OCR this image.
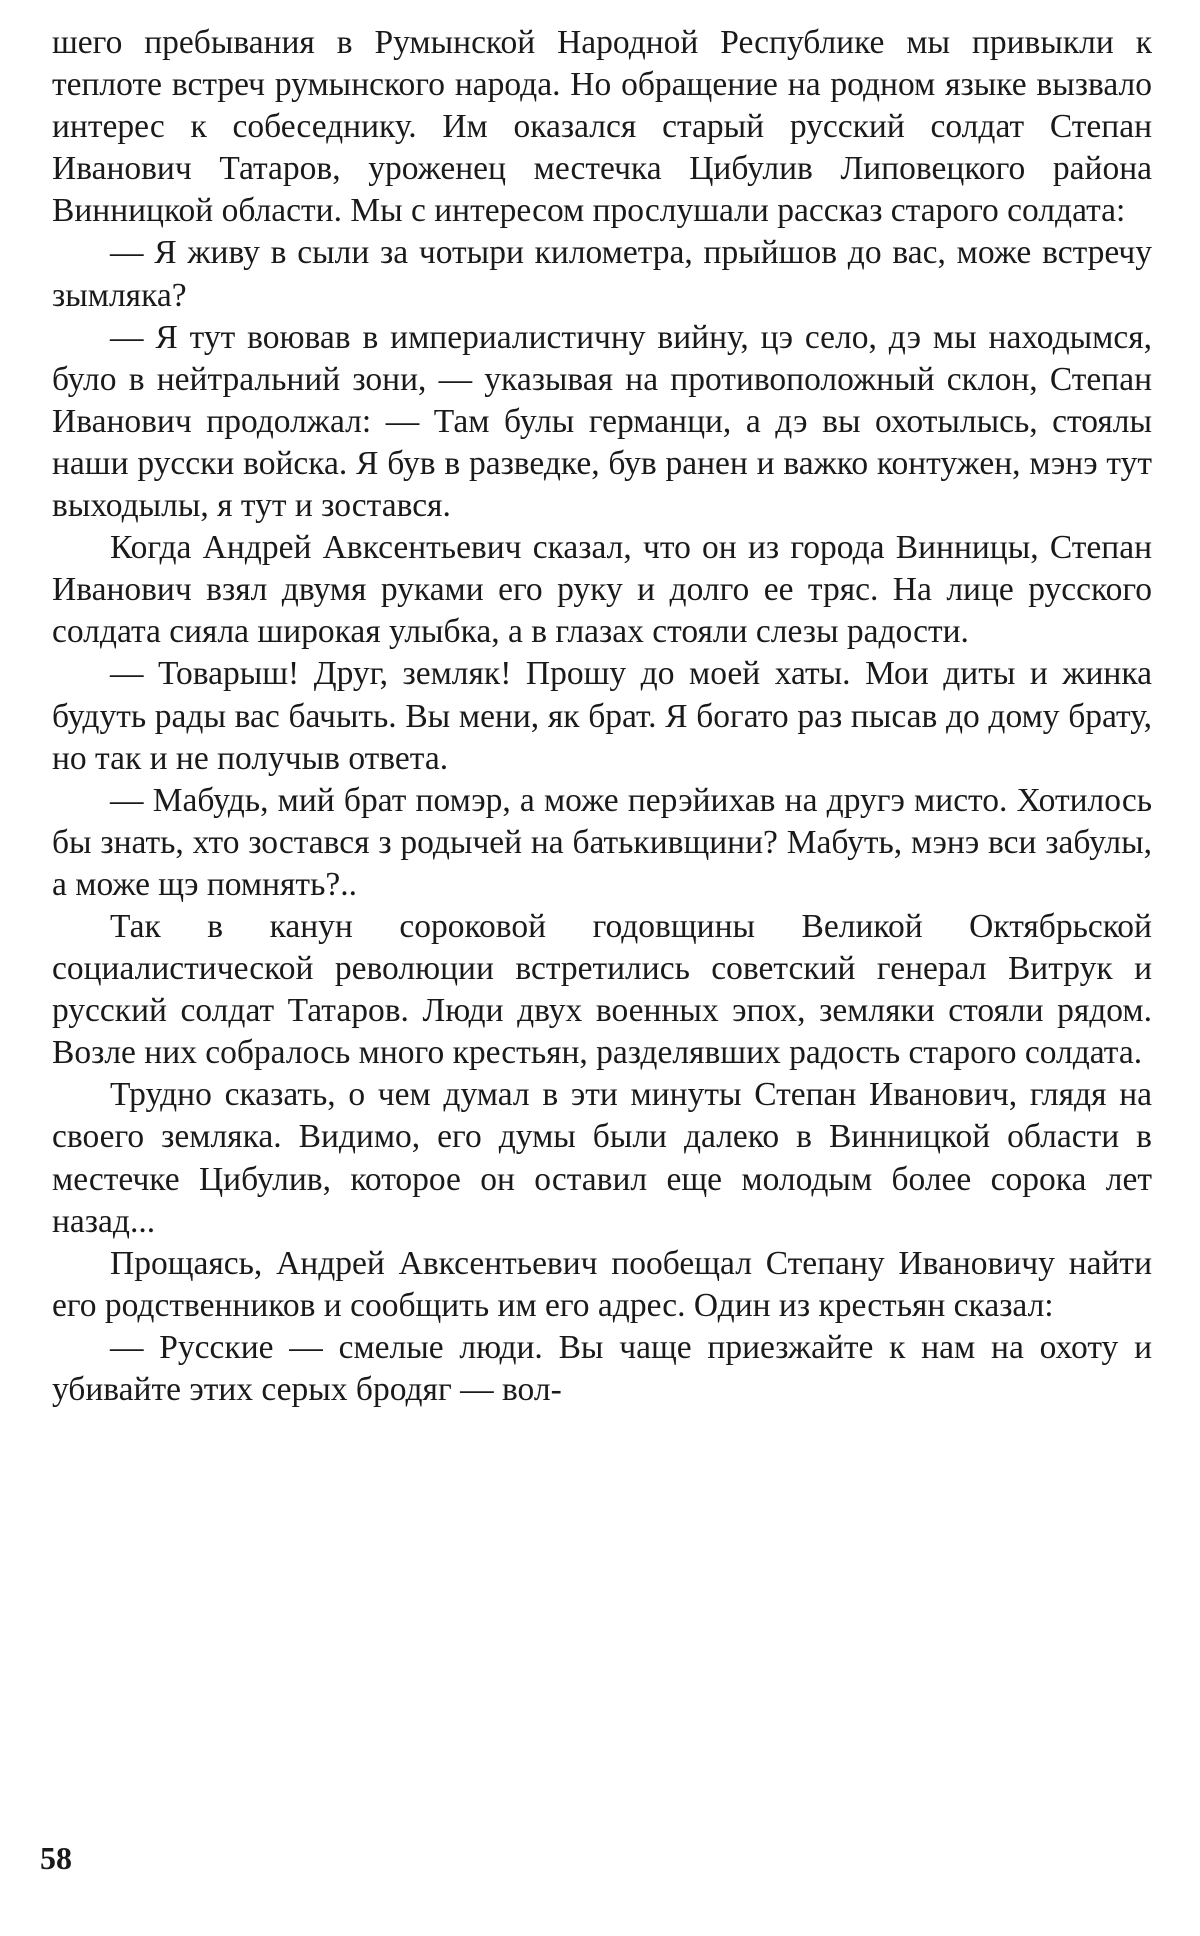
шего пребывания в Румынской Народной Республике мы привыкли к теплоте встреч румынского народа. Но обращение на родном языке вызвало интерес к собеседнику. Им оказался старый русский солдат Степан Иванович Татаров, уроженец местечка Цибулив Липовецкого района Винницкой области. Мы с интересом прослушали рассказ старого солдата:

— Я живу в сыли за чотыри километра, прыйшов до вас, може встречу зымляка?

— Я тут воював в империалистичну вийну, цэ село, дэ мы находымся, було в нейтральний зони, — указывая на противоположный склон, Степан Иванович продолжал: — Там булы германци, а дэ вы охотылысь, стоялы наши русски войска. Я був в разведке, був ранен и важко контужен, мэнэ тут выходылы, я тут и зостався.

Когда Андрей Авксентьевич сказал, что он из города Винницы, Степан Иванович взял двумя руками его руку и долго ее тряс. На лице русского солдата сияла широкая улыбка, а в глазах стояли слезы радости.

— Товарыш! Друг, земляк! Прошу до моей хаты. Мои диты и жинка будуть рады вас бачыть. Вы мени, як брат. Я богато раз пысав до дому брату, но так и не получыв ответа.

— Мабудь, мий брат помэр, а може перэйихав на другэ мисто. Хотилось бы знать, хто зостався з родычей на батькивщини? Мабуть, мэнэ вси забулы, а може щэ помнять?..

Так в канун сороковой годовщины Великой Октябрьской социалистической революции встретились советский генерал Витрук и русский солдат Татаров. Люди двух военных эпох, земляки стояли рядом. Возле них собралось много крестьян, разделявших радость старого солдата.

Трудно сказать, о чем думал в эти минуты Степан Иванович, глядя на своего земляка. Видимо, его думы были далеко в Винницкой области в местечке Цибулив, которое он оставил еще молодым более сорока лет назад...

Прощаясь, Андрей Авксентьевич пообещал Степану Ивановичу найти его родственников и сообщить им его адрес. Один из крестьян сказал:

— Русские — смелые люди. Вы чаще приезжайте к нам на охоту и убивайте этих серых бродяг — вол-

58
